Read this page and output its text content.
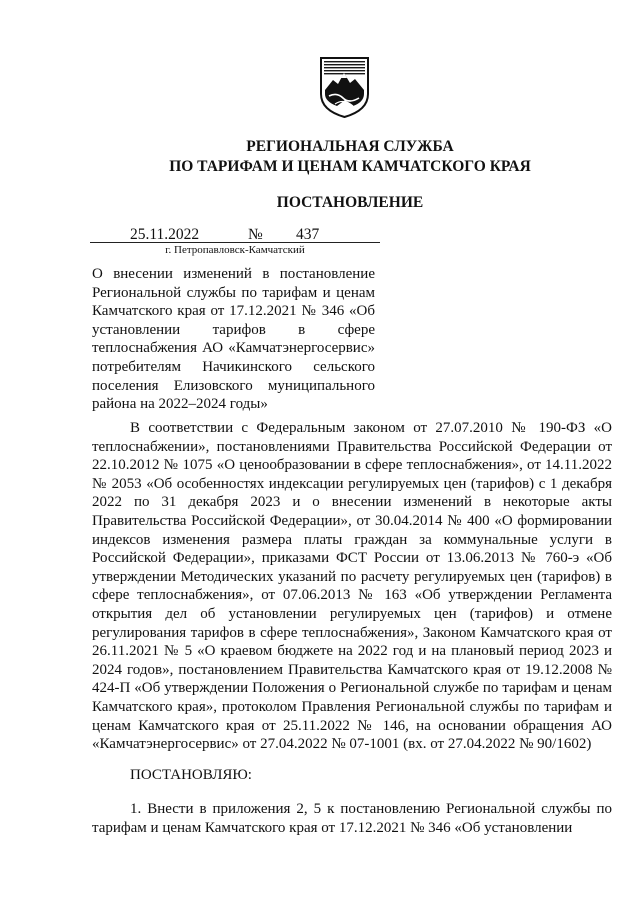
РЕГИОНАЛЬНАЯ СЛУЖБА
ПО ТАРИФАМ И ЦЕНАМ КАМЧАТСКОГО КРАЯ
ПОСТАНОВЛЕНИЕ
25.11.2022	№ 437
г. Петропавловск-Камчатский

О внесении изменений в постановление Региональной службы по тарифам и ценам Камчатского края от 17.12.2021 № 346 «Об установлении тарифов в сфере теплоснабжения АО «Камчатэнергосервис» потребителям Начикинского сельского поселения Елизовского муниципального района на 2022–2024 годы»

В соответствии с Федеральным законом от 27.07.2010 № 190-ФЗ «О теплоснабжении», постановлениями Правительства Российской Федерации от 22.10.2012 № 1075 «О ценообразовании в сфере теплоснабжения», от 14.11.2022 № 2053 «Об особенностях индексации регулируемых цен (тарифов) с 1 декабря 2022 по 31 декабря 2023 и о внесении изменений в некоторые акты Правительства Российской Федерации», от 30.04.2014 № 400 «О формировании индексов изменения размера платы граждан за коммунальные услуги в Российской Федерации», приказами ФСТ России от 13.06.2013 № 760-э «Об утверждении Методических указаний по расчету регулируемых цен (тарифов) в сфере теплоснабжения», от 07.06.2013 № 163 «Об утверждении Регламента открытия дел об установлении регулируемых цен (тарифов) и отмене регулирования тарифов в сфере теплоснабжения», Законом Камчатского края от 26.11.2021 № 5 «О краевом бюджете на 2022 год и на плановый период 2023 и 2024 годов», постановлением Правительства Камчатского края от 19.12.2008 № 424-П «Об утверждении Положения о Региональной службе по тарифам и ценам Камчатского края», протоколом Правления Региональной службы по тарифам и ценам Камчатского края от 25.11.2022 № 146, на основании обращения АО «Камчатэнергосервис» от 27.04.2022 № 07-1001 (вх. от 27.04.2022 № 90/1602)

ПОСТАНОВЛЯЮ:

1. Внести в приложения 2, 5 к постановлению Региональной службы по тарифам и ценам Камчатского края от 17.12.2021 № 346 «Об установлении
